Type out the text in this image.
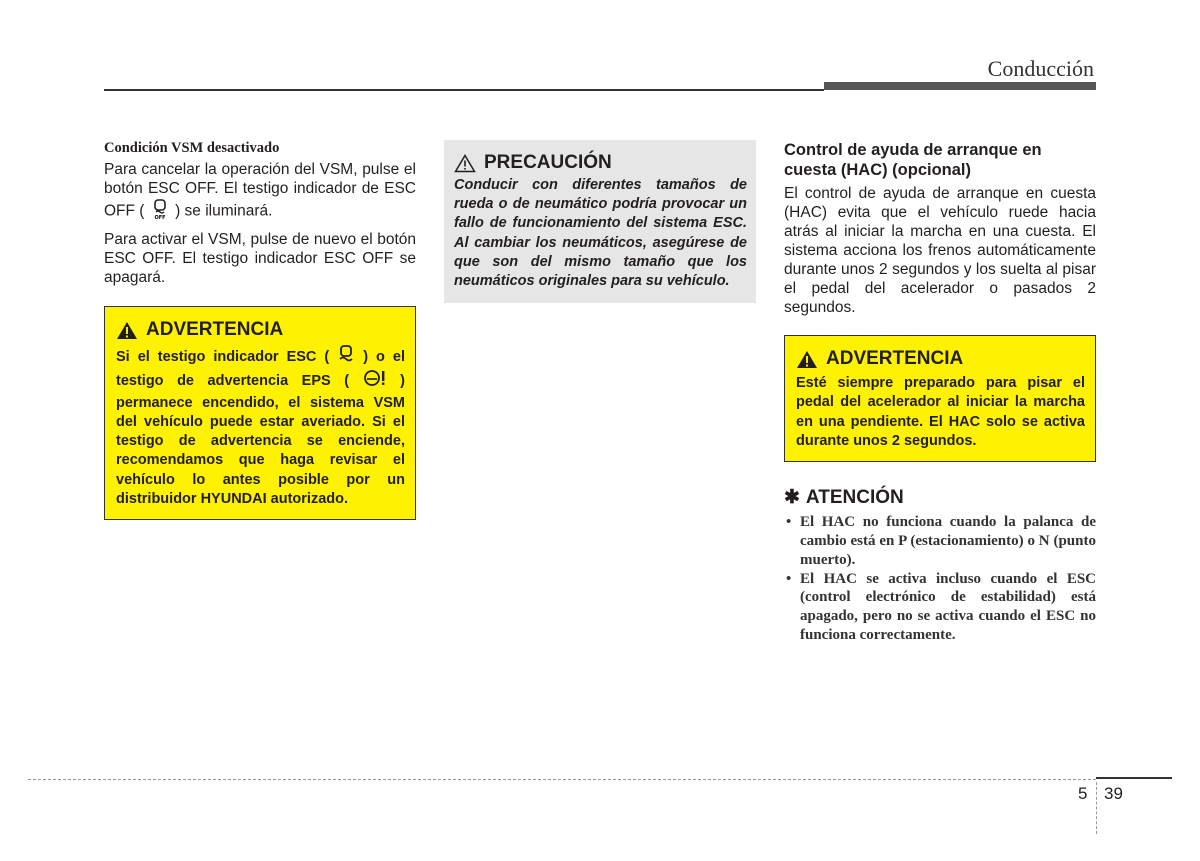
Conducción
Condición VSM desactivado

Para cancelar la operación del VSM, pulse el botón ESC OFF. El testigo indicador de ESC OFF ( OFF ) se iluminará.

Para activar el VSM, pulse de nuevo el botón ESC OFF. El testigo indicador ESC OFF se apagará.

ADVERTENCIA

Si el testigo indicador ESC ( ) o el testigo de advertencia EPS (	) permanece encendido, el sistema VSM del vehículo puede estar averiado. Si el testigo de advertencia se enciende, recomendamos que haga revisar el vehículo lo antes posible por un distribuidor HYUNDAI autorizado.

PRECAUCIÓN

Conducir con diferentes tamaños de rueda o de neumático podría provocar un fallo de funcionamiento del sistema ESC. Al cambiar los neumáticos, asegúrese de que son del mismo tamaño que los neumáticos originales para su vehículo.

Control de ayuda de arranque en cuesta (HAC) (opcional)

El control de ayuda de arranque en cuesta (HAC) evita que el vehículo ruede hacia atrás al iniciar la marcha en una cuesta. El sistema acciona los frenos automáticamente durante unos 2 segundos y los suelta al pisar el pedal del acelerador o pasados 2 segundos.

ADVERTENCIA

Esté siempre preparado para pisar el pedal del acelerador al iniciar la marcha en una pendiente. El HAC solo se activa durante unos 2 segundos.

✱ ATENCIÓN
• El HAC no funciona cuando la palanca de cambio está en P (estacionamiento) o N (punto muerto).
• El HAC se activa incluso cuando el ESC (control electrónico de estabilidad) está apagado, pero no se activa cuando el ESC no funciona correctamente.
5 39
